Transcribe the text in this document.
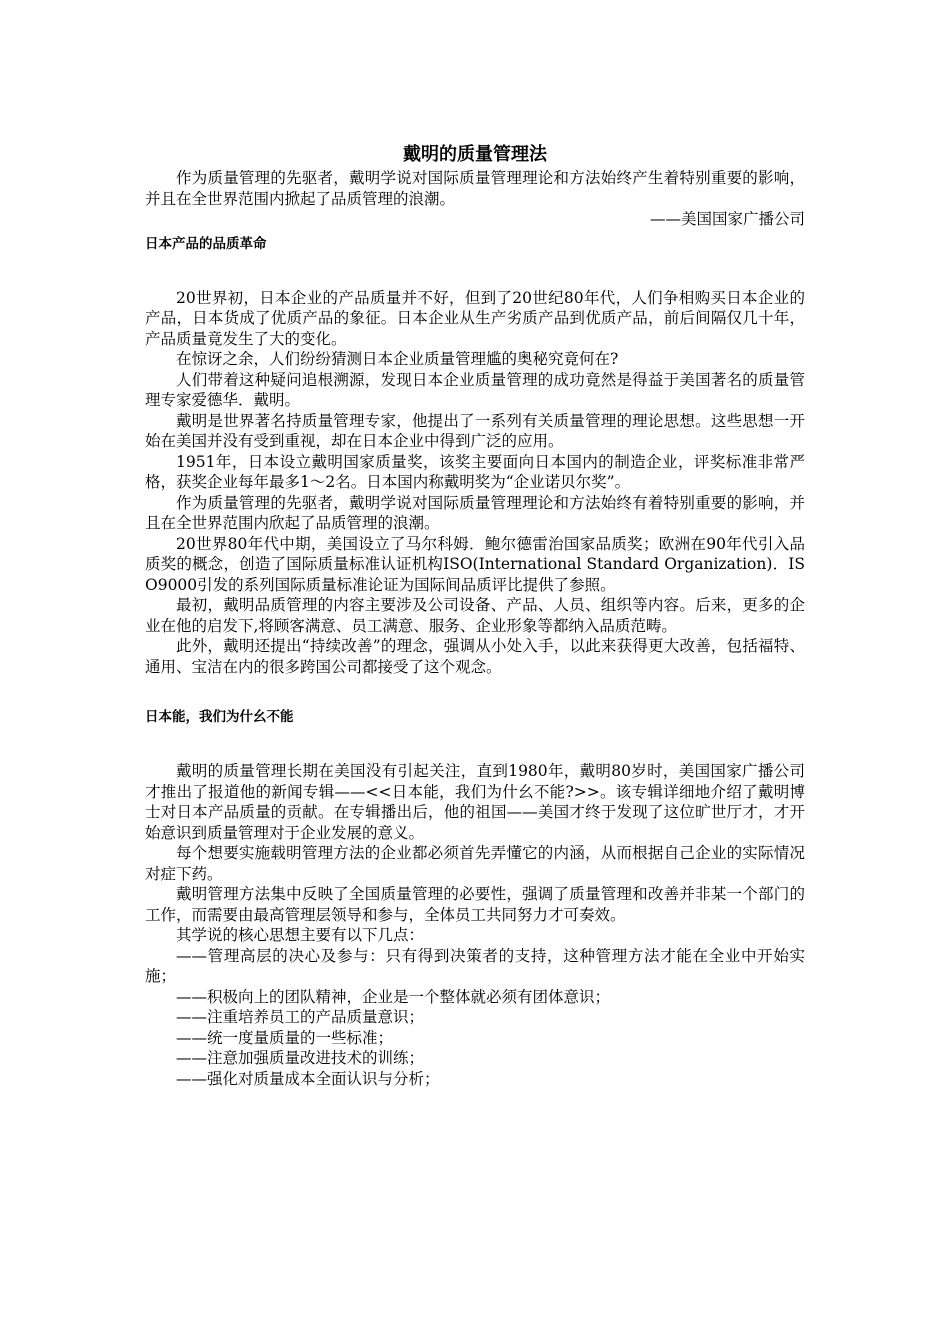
戴明的质量管理法

作为质量管理的先驱者，戴明学说对国际质量管理理论和方法始终产生着特别重要的影响，并且在全世界范围内掀起了品质管理的浪潮。

——美国国家广播公司

日本产品的品质革命

20世界初，日本企业的产品质量并不好，但到了20世纪80年代，人们争相购买日本企业的产品，日本货成了优质产品的象征。日本企业从生产劣质产品到优质产品，前后间隔仅几十年，产品质量竟发生了大的变化。

在惊讶之余，人们纷纷猜测日本企业质量管理尴的奥秘究竟何在?

人们带着这种疑问追根溯源，发现日本企业质量管理的成功竟然是得益于美国著名的质量管理专家爱德华．戴明。

戴明是世界著名持质量管理专家，他提出了一系列有关质量管理的理论思想。这些思想一开始在美国并没有受到重视，却在日本企业中得到广泛的应用。

1951年，日本设立戴明国家质量奖，该奖主要面向日本国内的制造企业，评奖标准非常严格，获奖企业每年最多1～2名。日本国内称戴明奖为“企业诺贝尔奖”。

作为质量管理的先驱者，戴明学说对国际质量管理理论和方法始终有着特别重要的影响，并且在全世界范围内欣起了品质管理的浪潮。

20世界80年代中期，美国设立了马尔科姆．鲍尔德雷治国家品质奖；欧洲在90年代引入品质奖的概念，创造了国际质量标准认证机构ISO(International Standard Organization)．ISO9000引发的系列国际质量标准论证为国际间品质评比提供了参照。

最初，戴明品质管理的内容主要涉及公司设备、产品、人员、组织等内容。后来，更多的企业在他的启发下,将顾客满意、员工满意、服务、企业形象等都纳入品质范畴。

此外，戴明还提出“持续改善”的理念，强调从小处入手，以此来获得更大改善，包括福特、通用、宝洁在内的很多跨国公司都接受了这个观念。

日本能，我们为什幺不能

戴明的质量管理长期在美国没有引起关注，直到1980年，戴明80岁时，美国国家广播公司才推出了报道他的新闻专辑——<<日本能，我们为什幺不能?>>。该专辑详细地介绍了戴明博士对日本产品质量的贡献。在专辑播出后，他的祖国——美国才终于发现了这位旷世厅才，才开始意识到质量管理对于企业发展的意义。

每个想要实施载明管理方法的企业都必须首先弄懂它的内涵，从而根据自己企业的实际情况对症下药。

戴明管理方法集中反映了全国质量管理的必要性，强调了质量管理和改善并非某一个部门的工作，而需要由最高管理层领导和参与，全体员工共同努力才可奏效。

其学说的核心思想主要有以下几点：

——管理高层的决心及参与：只有得到决策者的支持，这种管理方法才能在全业中开始实施；

——积极向上的团队精神，企业是一个整体就必须有团体意识；

——注重培养员工的产品质量意识；

——统一度量质量的一些标准；

——注意加强质量改进技术的训练；

——强化对质量成本全面认识与分析；
